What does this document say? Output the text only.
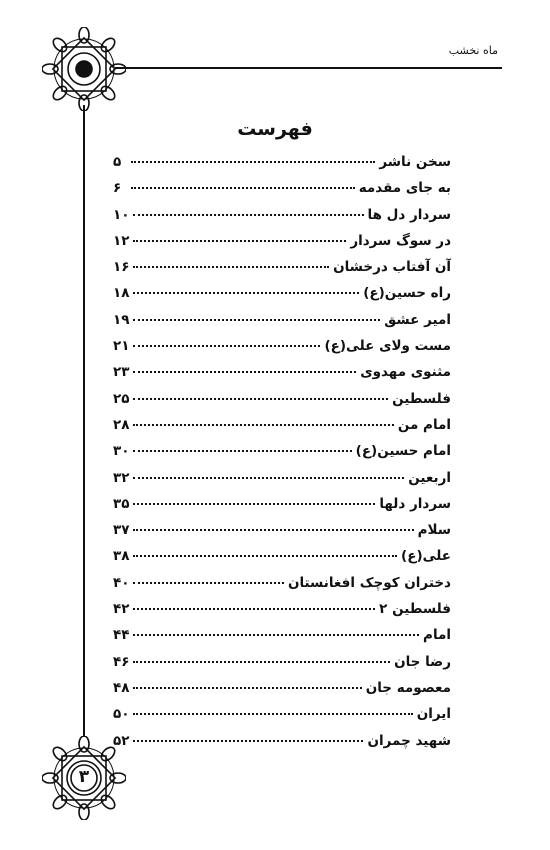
ماه نخشب
۳
فهرست
سخن ناشر
۵
به جای مقدمه
۶
سردار دل ها
۱۰
در سوگ سردار
۱۲
آن آفتاب درخشان
۱۶
راه حسین(ع)
۱۸
امیر عشق
۱۹
مست ولای علی(ع)
۲۱
مثنوی مهدوی
۲۳
فلسطین
۲۵
امام من
۲۸
امام حسین(ع)
۳۰
اربعین
۳۲
سردار دلها
۳۵
سلام
۳۷
علی(ع)
۳۸
دختران کوچک افغانستان
۴۰
فلسطین ۲
۴۲
امام
۴۴
رضا جان
۴۶
معصومه جان
۴۸
ایران
۵۰
شهید چمران
۵۲
